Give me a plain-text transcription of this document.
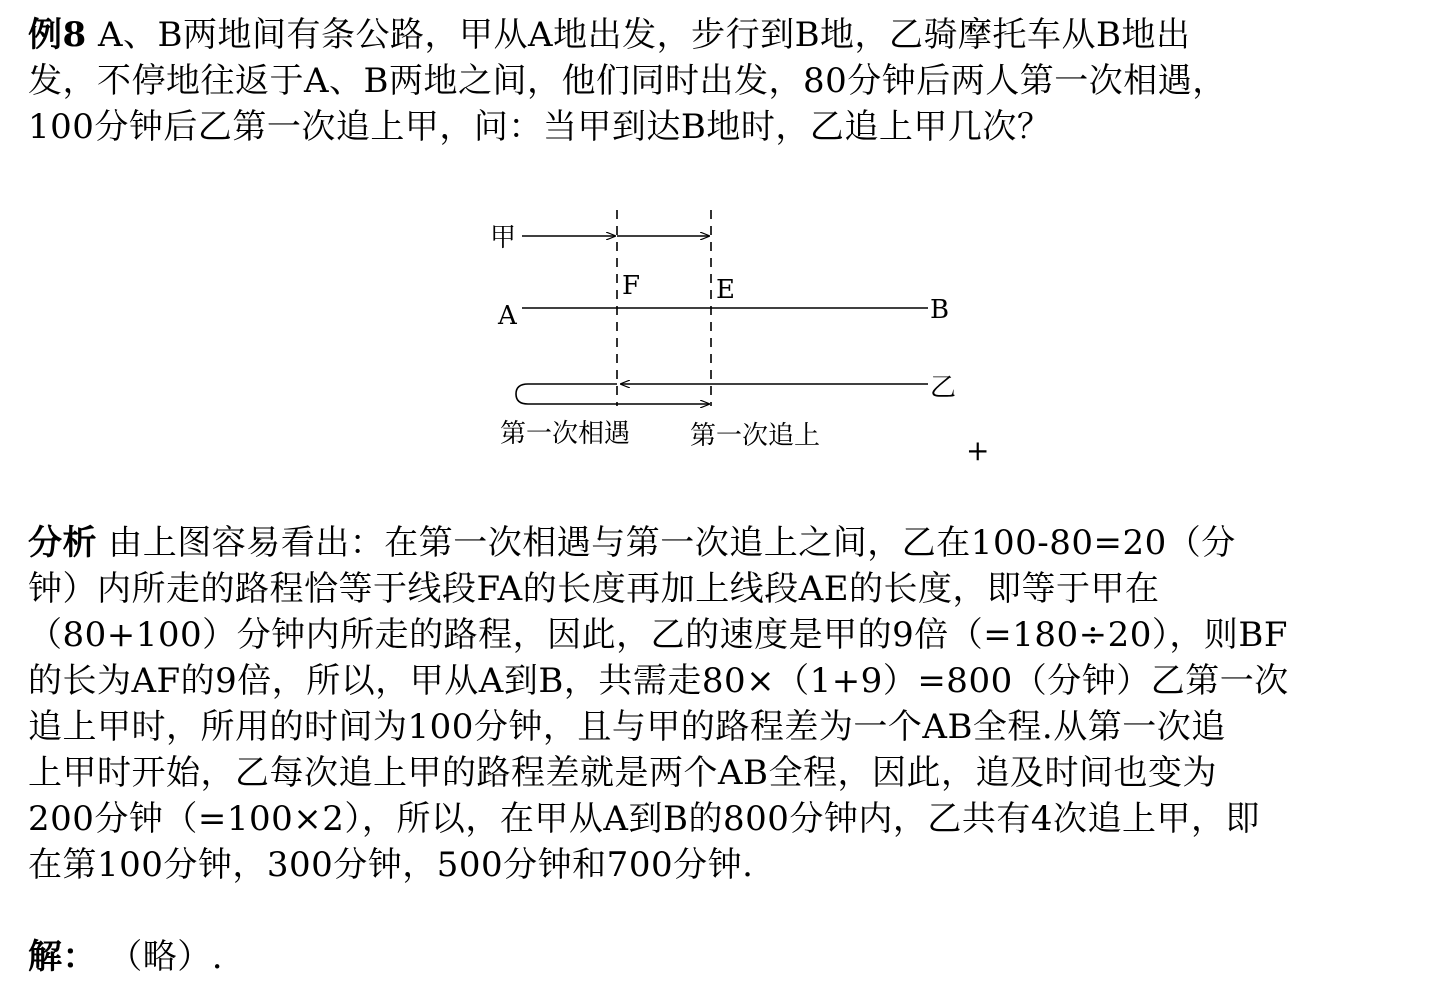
例8 A、B两地间有条公路，甲从A地出发，步行到B地，乙骑摩托车从B地出
发，不停地往返于A、B两地之间，他们同时出发，80分钟后两人第一次相遇，
100分钟后乙第一次追上甲，问：当甲到达B地时，乙追上甲几次？
甲
F	E
A	B
乙
第一次相遇 第一次追上	+
分析 由上图容易看出：在第一次相遇与第一次追上之间，乙在100-80=20（分
钟）内所走的路程恰等于线段FA的长度再加上线段AE的长度，即等于甲在
（80+100）分钟内所走的路程，因此，乙的速度是甲的9倍（=180÷20），则BF
的长为AF的9倍，所以，甲从A到B，共需走80×（1+9）=800（分钟）乙第一次
追上甲时，所用的时间为100分钟，且与甲的路程差为一个AB全程.从第一次追
上甲时开始，乙每次追上甲的路程差就是两个AB全程，因此，追及时间也变为
200分钟（=100×2），所以，在甲从A到B的800分钟内，乙共有4次追上甲，即
在第100分钟，300分钟，500分钟和700分钟.
解： （略）.
